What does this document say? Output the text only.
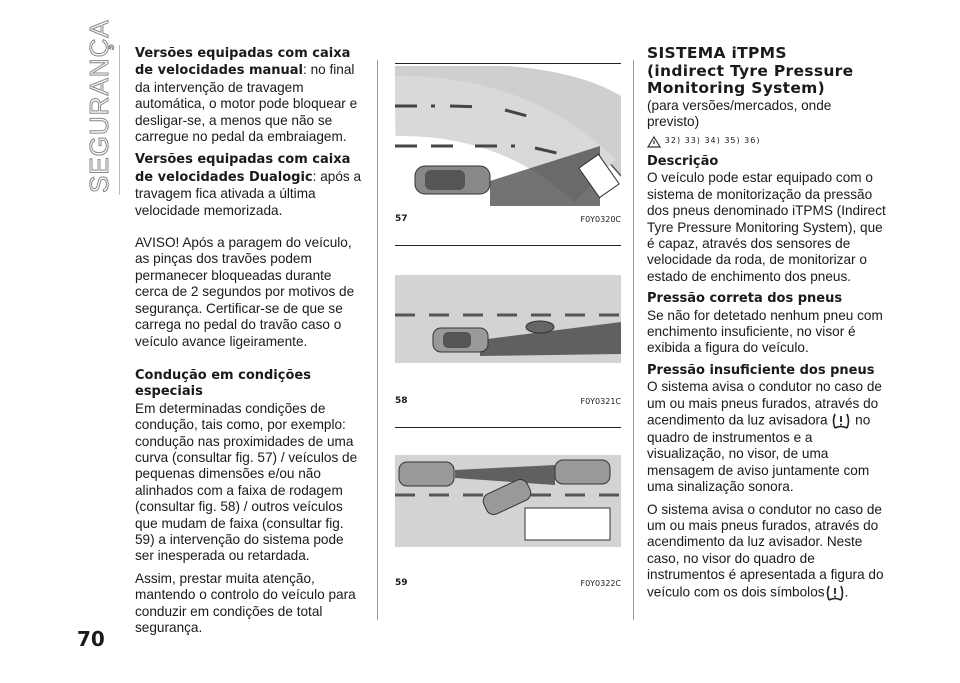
SEGURANÇA
70

Versões equipadas com caixa de velocidades manual: no final da intervenção de travagem automática, o motor pode bloquear e desligar-se, a menos que não se carregue no pedal da embraiagem.

Versões equipadas com caixa de velocidades Dualogic: após a travagem fica ativada a última velocidade memorizada.

AVISO! Após a paragem do veículo, as pinças dos travões podem permanecer bloqueadas durante cerca de 2 segundos por motivos de segurança. Certificar-se de que se carrega no pedal do travão caso o veículo avance ligeiramente.

Condução em condições especiais

Em determinadas condições de condução, tais como, por exemplo: condução nas proximidades de uma curva (consultar fig. 57) / veículos de pequenas dimensões e/ou não alinhados com a faixa de rodagem (consultar fig. 58) / outros veículos que mudam de faixa (consultar fig. 59) a intervenção do sistema pode ser inesperada ou retardada.

Assim, prestar muita atenção, mantendo o controlo do veículo para conduzir em condições de total segurança.

57	F0Y0320C
58	F0Y0321C
59	F0Y0322C

SISTEMA iTPMS

(indirect Tyre Pressure

Monitoring System)

(para versões/mercados, onde previsto)

32) 33) 34) 35) 36)

Descrição

O veículo pode estar equipado com o sistema de monitorização da pressão dos pneus denominado iTPMS (Indirect Tyre Pressure Monitoring System), que é capaz, através dos sensores de velocidade da roda, de monitorizar o estado de enchimento dos pneus.

Pressão correta dos pneus

Se não for detetado nenhum pneu com enchimento insuficiente, no visor é exibida a figura do veículo.

Pressão insuficiente dos pneus

O sistema avisa o condutor no caso de um ou mais pneus furados, através do acendimento da luz avisadora  no quadro de instrumentos e a visualização, no visor, de uma mensagem de aviso juntamente com uma sinalização sonora.

O sistema avisa o condutor no caso de um ou mais pneus furados, através do acendimento da luz avisador. Neste caso, no visor do quadro de instrumentos é apresentada a figura do veículo com os dois símbolos .
